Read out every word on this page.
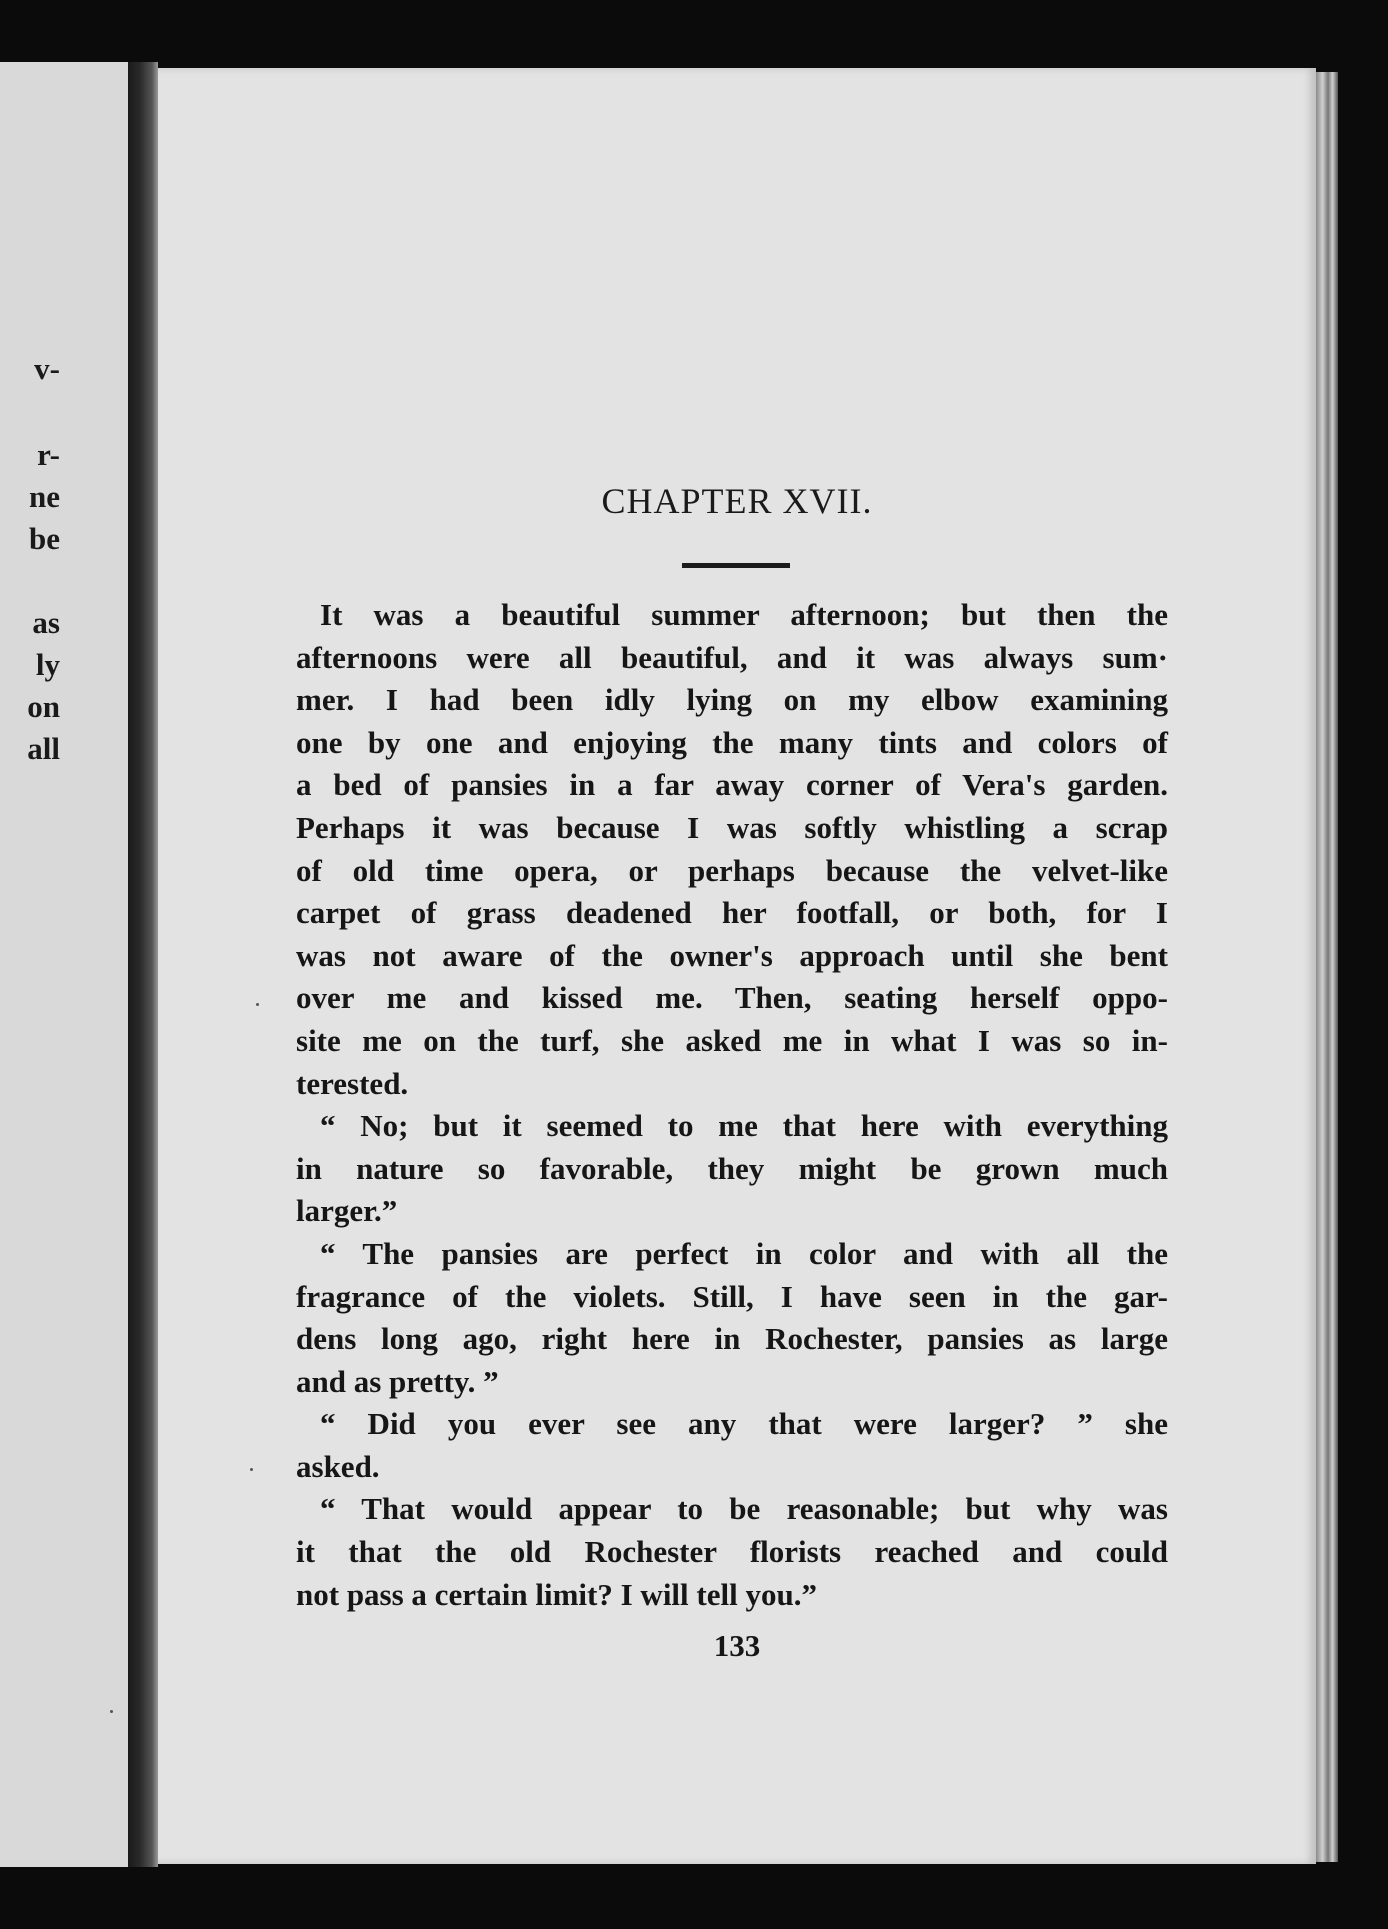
v-
r-
ne
be
as
ly
on
all
CHAPTER XVII.
It was a beautiful summer afternoon; but then the
afternoons were all beautiful, and it was always sum·
mer. I had been idly lying on my elbow examining
one by one and enjoying the many tints and colors of
a bed of pansies in a far away corner of Vera's garden.
Perhaps it was because I was softly whistling a scrap
of old time opera, or perhaps because the velvet-like
carpet of grass deadened her footfall, or both, for I
was not aware of the owner's approach until she bent
over me and kissed me. Then, seating herself oppo-
site me on the turf, she asked me in what I was so in-
terested.
“ No; but it seemed to me that here with everything
in nature so favorable, they might be grown much
larger.”
“ The pansies are perfect in color and with all the
fragrance of the violets. Still, I have seen in the gar-
dens long ago, right here in Rochester, pansies as large
and as pretty. ”
“ Did you ever see any that were larger? ” she
asked.
“ That would appear to be reasonable; but why was
it that the old Rochester florists reached and could
not pass a certain limit? I will tell you.”
133
